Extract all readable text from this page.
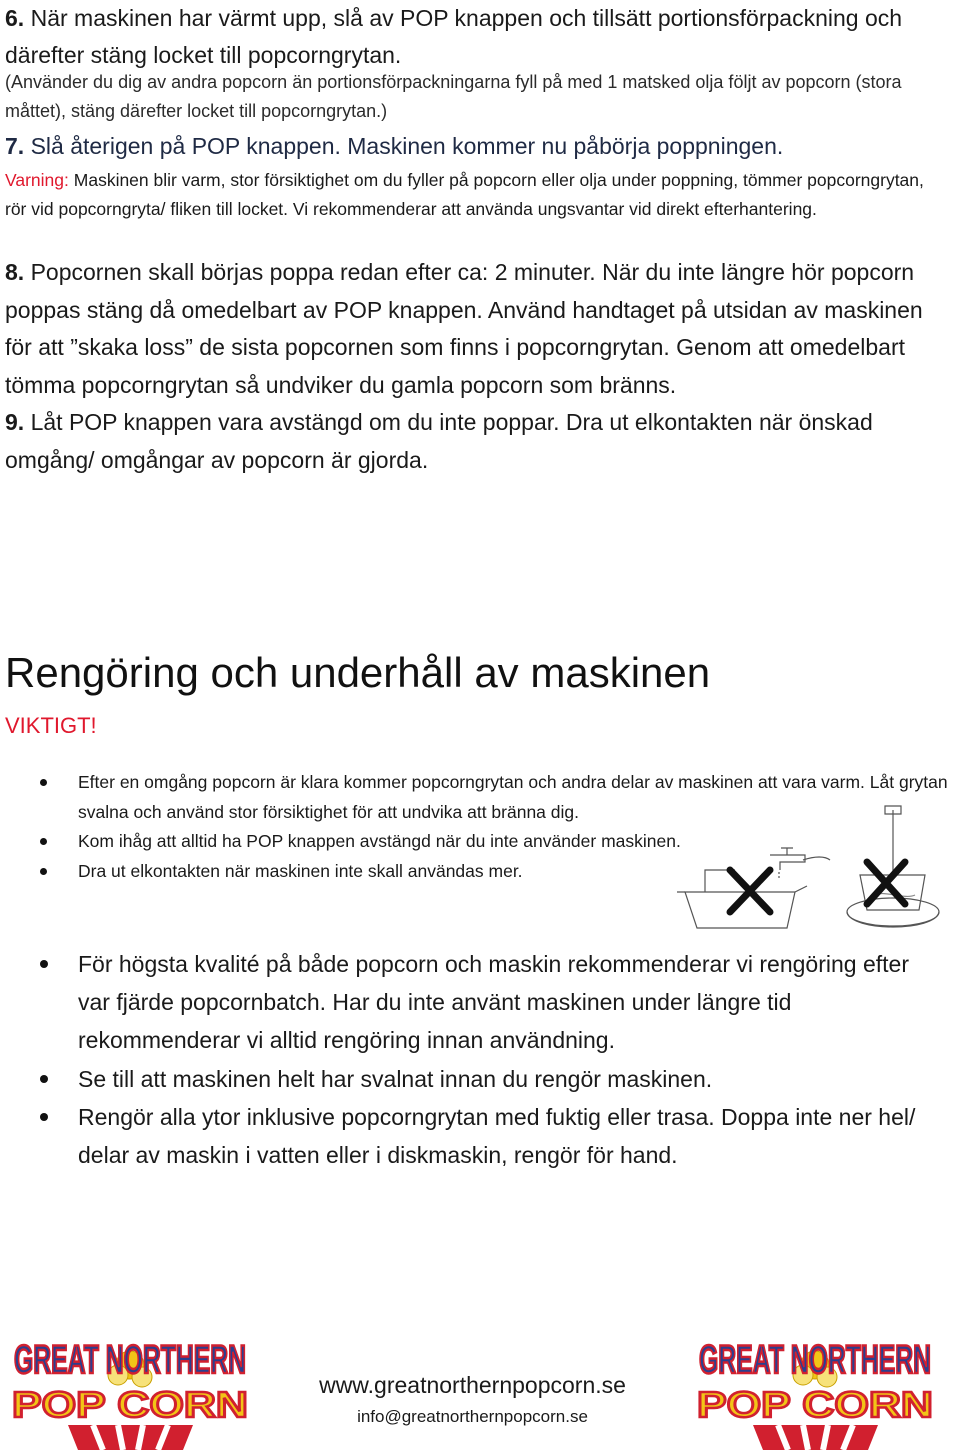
6. När maskinen har värmt upp, slå av POP knappen och tillsätt portionsförpackning och därefter stäng locket till popcorngrytan.
(Använder du dig av andra popcorn än portionsförpackningarna fyll på med 1 matsked olja följt av popcorn (stora måttet), stäng därefter locket till popcorngrytan.)
7. Slå återigen på POP knappen. Maskinen kommer nu påbörja poppningen.
Varning: Maskinen blir varm, stor försiktighet om du fyller på popcorn eller olja under poppning, tömmer popcorngrytan, rör vid popcorngryta/ fliken till locket. Vi rekommenderar att använda ungsvantar vid direkt efterhantering.
8. Popcornen skall börjas poppa redan efter ca: 2 minuter. När du inte längre hör popcorn poppas stäng då omedelbart av POP knappen. Använd handtaget på utsidan av maskinen för att ”skaka loss” de sista popcornen som finns i popcorngrytan. Genom att omedelbart tömma popcorngrytan så undviker du gamla popcorn som bränns.
9. Låt POP knappen vara avstängd om du inte poppar. Dra ut elkontakten när önskad omgång/ omgångar av popcorn är gjorda.
Rengöring och underhåll av maskinen
VIKTIGT!
Efter en omgång popcorn är klara kommer popcorngrytan och andra delar av maskinen att vara varm. Låt grytan svalna och använd stor försiktighet för att undvika att bränna dig.
Kom ihåg att alltid ha POP knappen avstängd när du inte använder maskinen.
Dra ut elkontakten när maskinen inte skall användas mer.
För högsta kvalité på både popcorn och maskin rekommenderar vi rengöring efter var fjärde popcornbatch. Har du inte använt maskinen under längre tid rekommenderar vi alltid rengöring innan användning.
Se till att maskinen helt har svalnat innan du rengör maskinen.
Rengör alla ytor inklusive popcorngrytan med fuktig eller trasa. Doppa inte ner hel/ delar av maskin i vatten eller i diskmaskin, rengör för hand.
GREAT NORTHERN
POP CORN	www.greatnorthernpopcorn.se
info@greatnorthernpopcorn.se
GREAT NORTHERN
POP CORN
